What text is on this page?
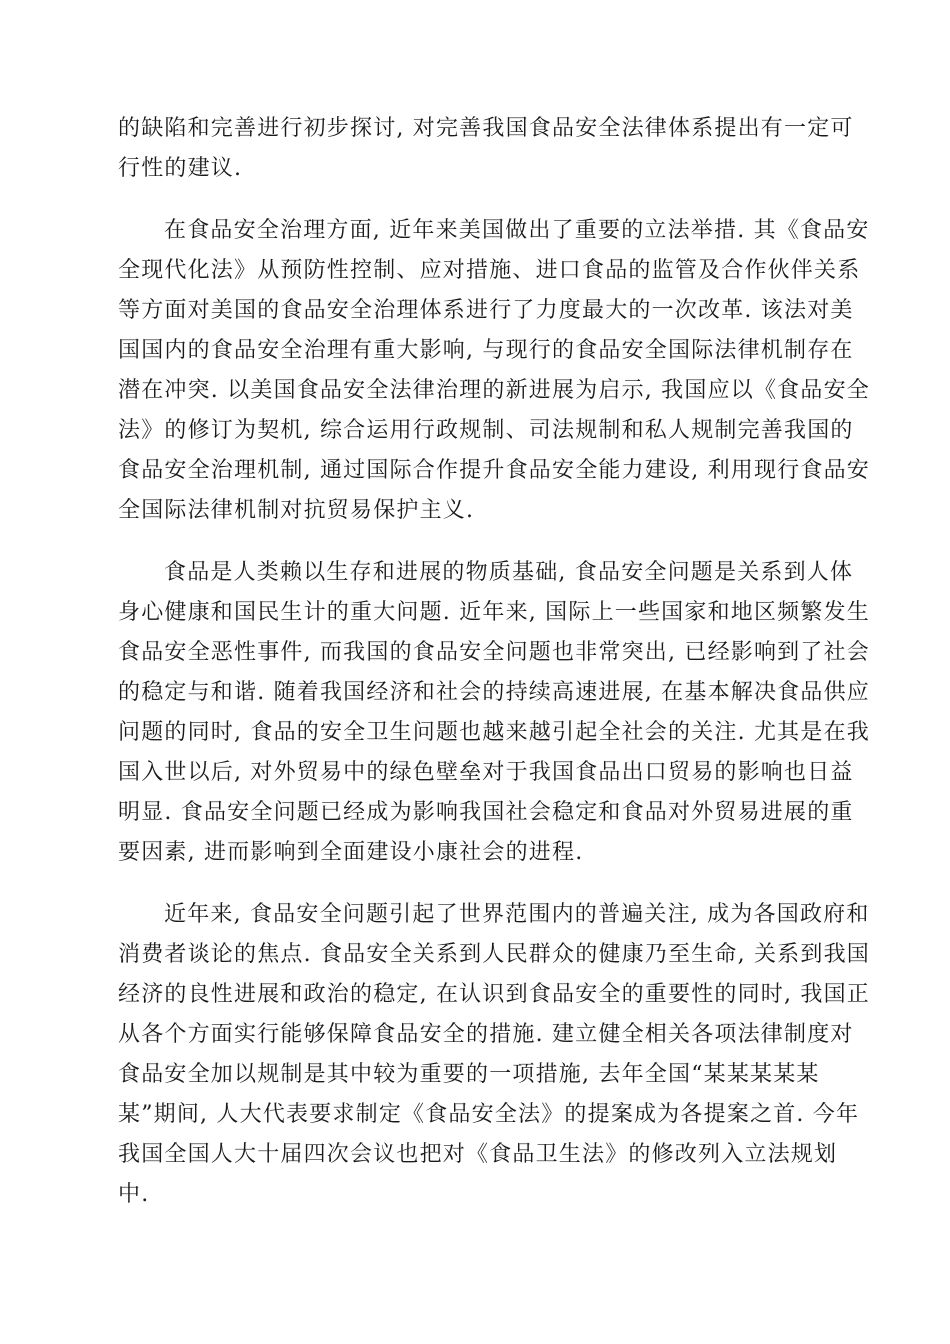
的缺陷和完善进行初步探讨, 对完善我国食品安全法律体系提出有一定可
行性的建议.

在食品安全治理方面, 近年来美国做出了重要的立法举措. 其《食品安
全现代化法》从预防性控制、应对措施、进口食品的监管及合作伙伴关系
等方面对美国的食品安全治理体系进行了力度最大的一次改革. 该法对美
国国内的食品安全治理有重大影响, 与现行的食品安全国际法律机制存在
潜在冲突. 以美国食品安全法律治理的新进展为启示, 我国应以《食品安全
法》的修订为契机, 综合运用行政规制、司法规制和私人规制完善我国的
食品安全治理机制, 通过国际合作提升食品安全能力建设, 利用现行食品安
全国际法律机制对抗贸易保护主义.

食品是人类赖以生存和进展的物质基础, 食品安全问题是关系到人体
身心健康和国民生计的重大问题. 近年来, 国际上一些国家和地区频繁发生
食品安全恶性事件, 而我国的食品安全问题也非常突出, 已经影响到了社会
的稳定与和谐. 随着我国经济和社会的持续高速进展, 在基本解决食品供应
问题的同时, 食品的安全卫生问题也越来越引起全社会的关注. 尤其是在我
国入世以后, 对外贸易中的绿色壁垒对于我国食品出口贸易的影响也日益
明显. 食品安全问题已经成为影响我国社会稳定和食品对外贸易进展的重
要因素, 进而影响到全面建设小康社会的进程.

近年来, 食品安全问题引起了世界范围内的普遍关注, 成为各国政府和
消费者谈论的焦点. 食品安全关系到人民群众的健康乃至生命, 关系到我国
经济的良性进展和政治的稳定, 在认识到食品安全的重要性的同时, 我国正
从各个方面实行能够保障食品安全的措施. 建立健全相关各项法律制度对
食品安全加以规制是其中较为重要的一项措施, 去年全国“某某某某某
某”期间, 人大代表要求制定《食品安全法》的提案成为各提案之首. 今年
我国全国人大十届四次会议也把对《食品卫生法》的修改列入立法规划
中.
